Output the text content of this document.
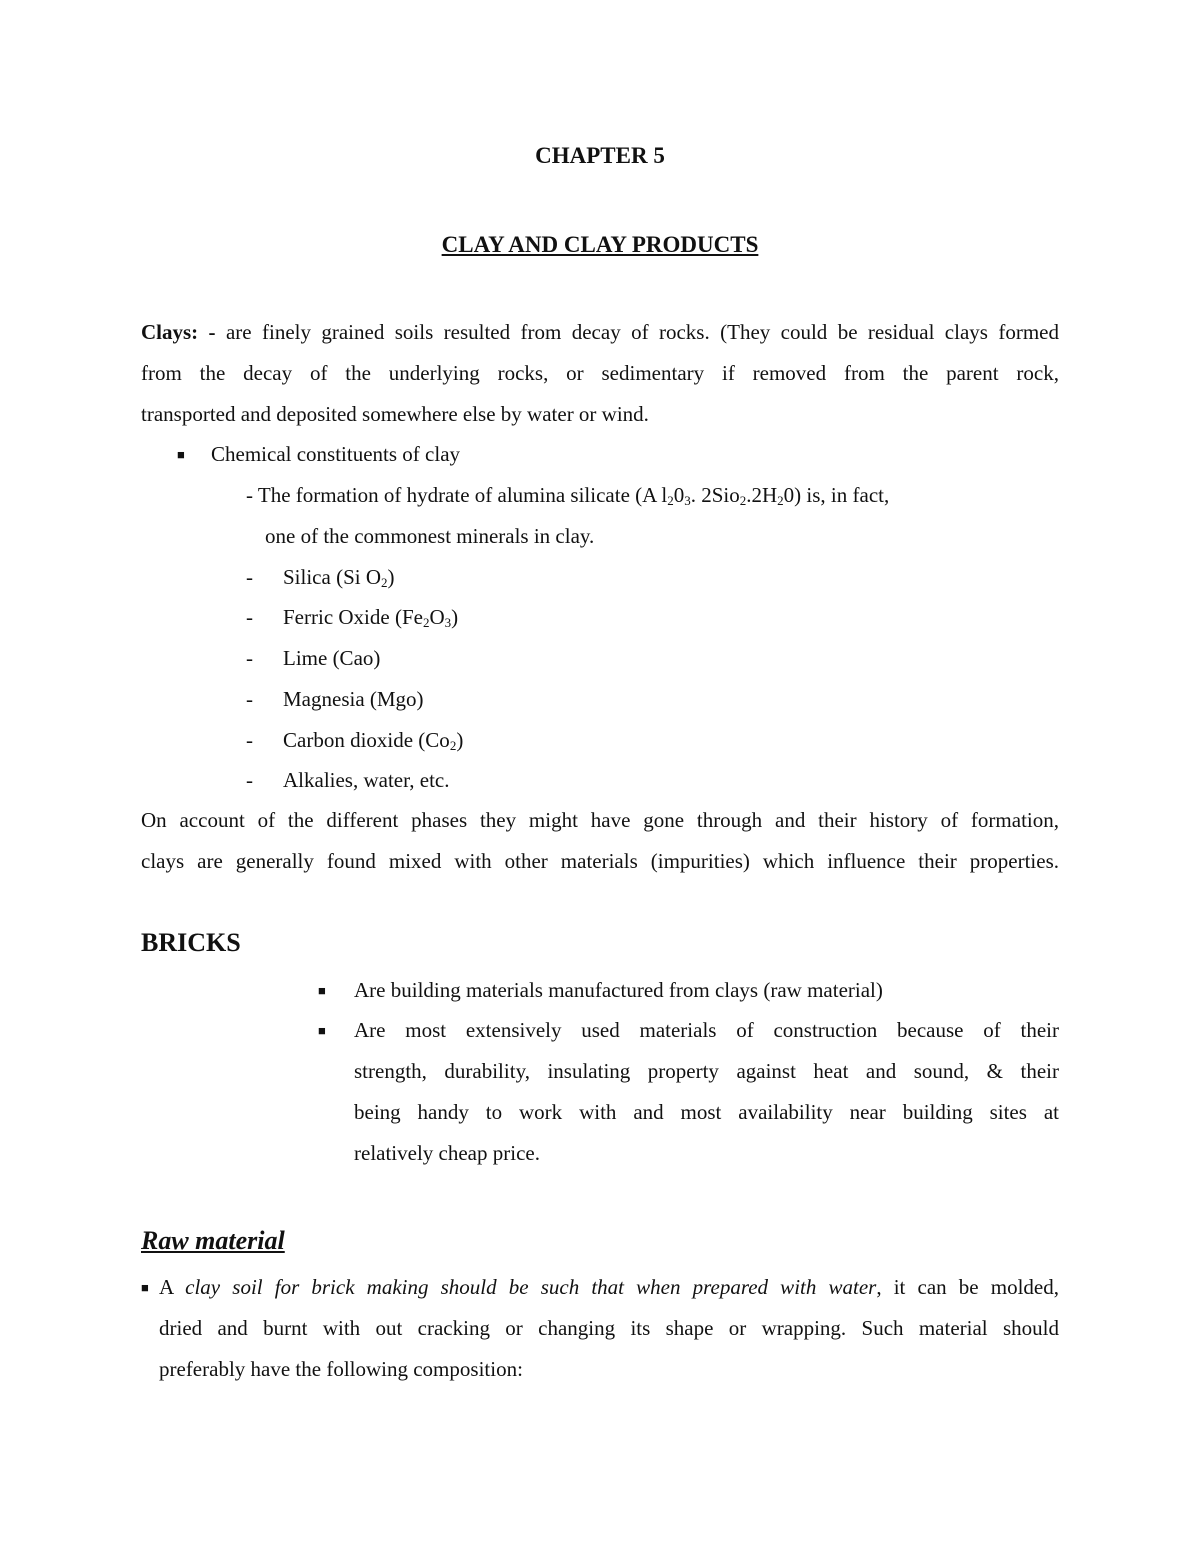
CHAPTER 5
CLAY AND CLAY PRODUCTS
Clays: - are finely grained soils resulted from decay of rocks. (They could be residual clays formed
from the decay of the underlying rocks, or sedimentary if removed from the parent rock,
transported and deposited somewhere else by water or wind.
■ Chemical constituents of clay
- The formation of hydrate of alumina silicate (A $l_20_3$. $2Sio_2.2H_20$) is, in fact,
one of the commonest minerals in clay.
- Silica (Si $O_2$)
- Ferric Oxide $(Fe_2O_3)$
- Lime (Cao)
- Magnesia (Mgo)
- Carbon dioxide $(Co_2)$
- Alkalies, water, etc.
On account of the different phases they might have gone through and their history of formation,
clays are generally found mixed with other materials (impurities) which influence their properties.
BRICKS
■ Are building materials manufactured from clays (raw material)
■ Are most extensively used materials of construction because of their
strength, durability, insulating property against heat and sound, & their
being handy to work with and most availability near building sites at
relatively cheap price.
Raw material
■ A clay soil for brick making should be such that when prepared with water, it can be molded,
dried and burnt with out cracking or changing its shape or wrapping. Such material should
preferably have the following composition:
